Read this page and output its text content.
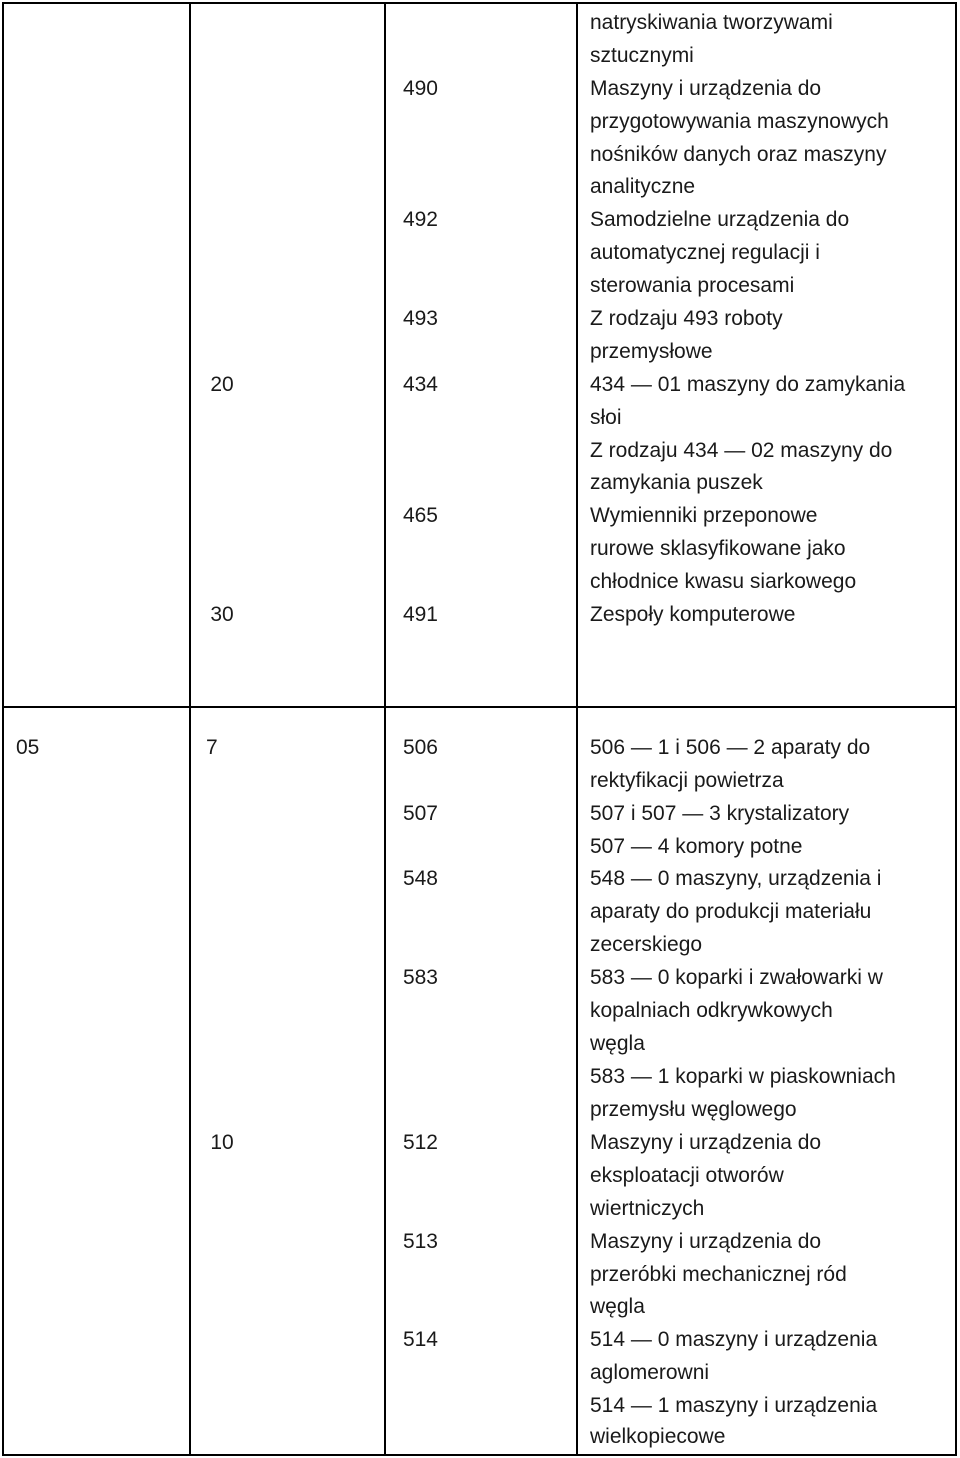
20
30
490
492
493
434
465
491
natryskiwania tworzywami
sztucznymi
Maszyny i urządzenia do
przygotowywania maszynowych
nośników danych oraz maszyny
analityczne
Samodzielne urządzenia do
automatycznej regulacji i
sterowania procesami
Z rodzaju 493 roboty
przemysłowe
434 — 01 maszyny do zamykania
słoi
Z rodzaju 434 — 02 maszyny do
zamykania puszek
Wymienniki przeponowe
rurowe sklasyfikowane jako
chłodnice kwasu siarkowego
Zespoły komputerowe
05	7
10
506
507
548
583
512
513
514
506 — 1 i 506 — 2 aparaty do
rektyfikacji powietrza
507 i 507 — 3 krystalizatory
507 — 4 komory potne
548 — 0 maszyny, urządzenia i
aparaty do produkcji materiału
zecerskiego
583 — 0 koparki i zwałowarki w
kopalniach odkrywkowych
węgla
583 — 1 koparki w piaskowniach
przemysłu węglowego
Maszyny i urządzenia do
eksploatacji otworów
wiertniczych
Maszyny i urządzenia do
przeróbki mechanicznej ród
węgla
514 — 0 maszyny i urządzenia
aglomerowni
514 — 1 maszyny i urządzenia
wielkopiecowe
